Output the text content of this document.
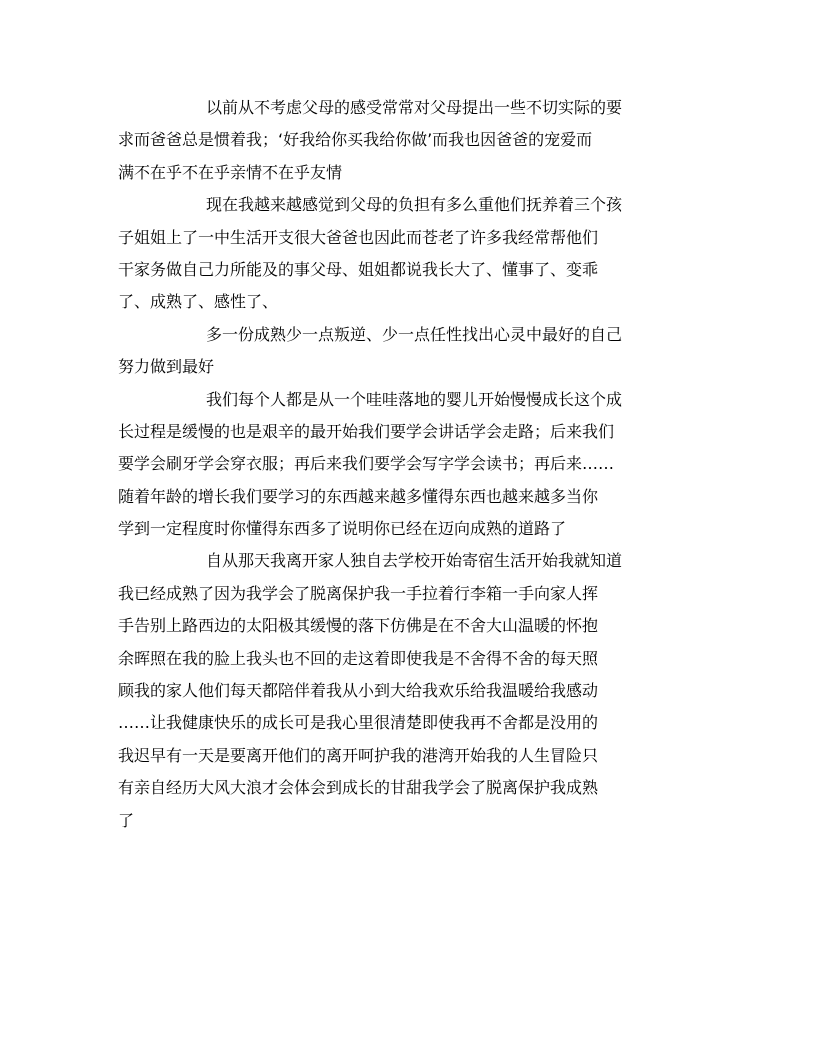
以前从不考虑父母的感受常常对父母提出一些不切实际的要
求而爸爸总是惯着我；‘好我给你买我给你做’而我也因爸爸的宠爱而
满不在乎不在乎亲情不在乎友情
现在我越来越感觉到父母的负担有多么重他们抚养着三个孩
子姐姐上了一中生活开支很大爸爸也因此而苍老了许多我经常帮他们
干家务做自己力所能及的事父母、姐姐都说我长大了、懂事了、变乖
了、成熟了、感性了、
多一份成熟少一点叛逆、少一点任性找出心灵中最好的自己
努力做到最好
我们每个人都是从一个哇哇落地的婴儿开始慢慢成长这个成
长过程是缓慢的也是艰辛的最开始我们要学会讲话学会走路；后来我们
要学会刷牙学会穿衣服；再后来我们要学会写字学会读书；再后来……
随着年龄的增长我们要学习的东西越来越多懂得东西也越来越多当你
学到一定程度时你懂得东西多了说明你已经在迈向成熟的道路了
自从那天我离开家人独自去学校开始寄宿生活开始我就知道
我已经成熟了因为我学会了脱离保护我一手拉着行李箱一手向家人挥
手告别上路西边的太阳极其缓慢的落下仿佛是在不舍大山温暖的怀抱
余晖照在我的脸上我头也不回的走这着即使我是不舍得不舍的每天照
顾我的家人他们每天都陪伴着我从小到大给我欢乐给我温暖给我感动
……让我健康快乐的成长可是我心里很清楚即使我再不舍都是没用的
我迟早有一天是要离开他们的离开呵护我的港湾开始我的人生冒险只
有亲自经历大风大浪才会体会到成长的甘甜我学会了脱离保护我成熟
了
